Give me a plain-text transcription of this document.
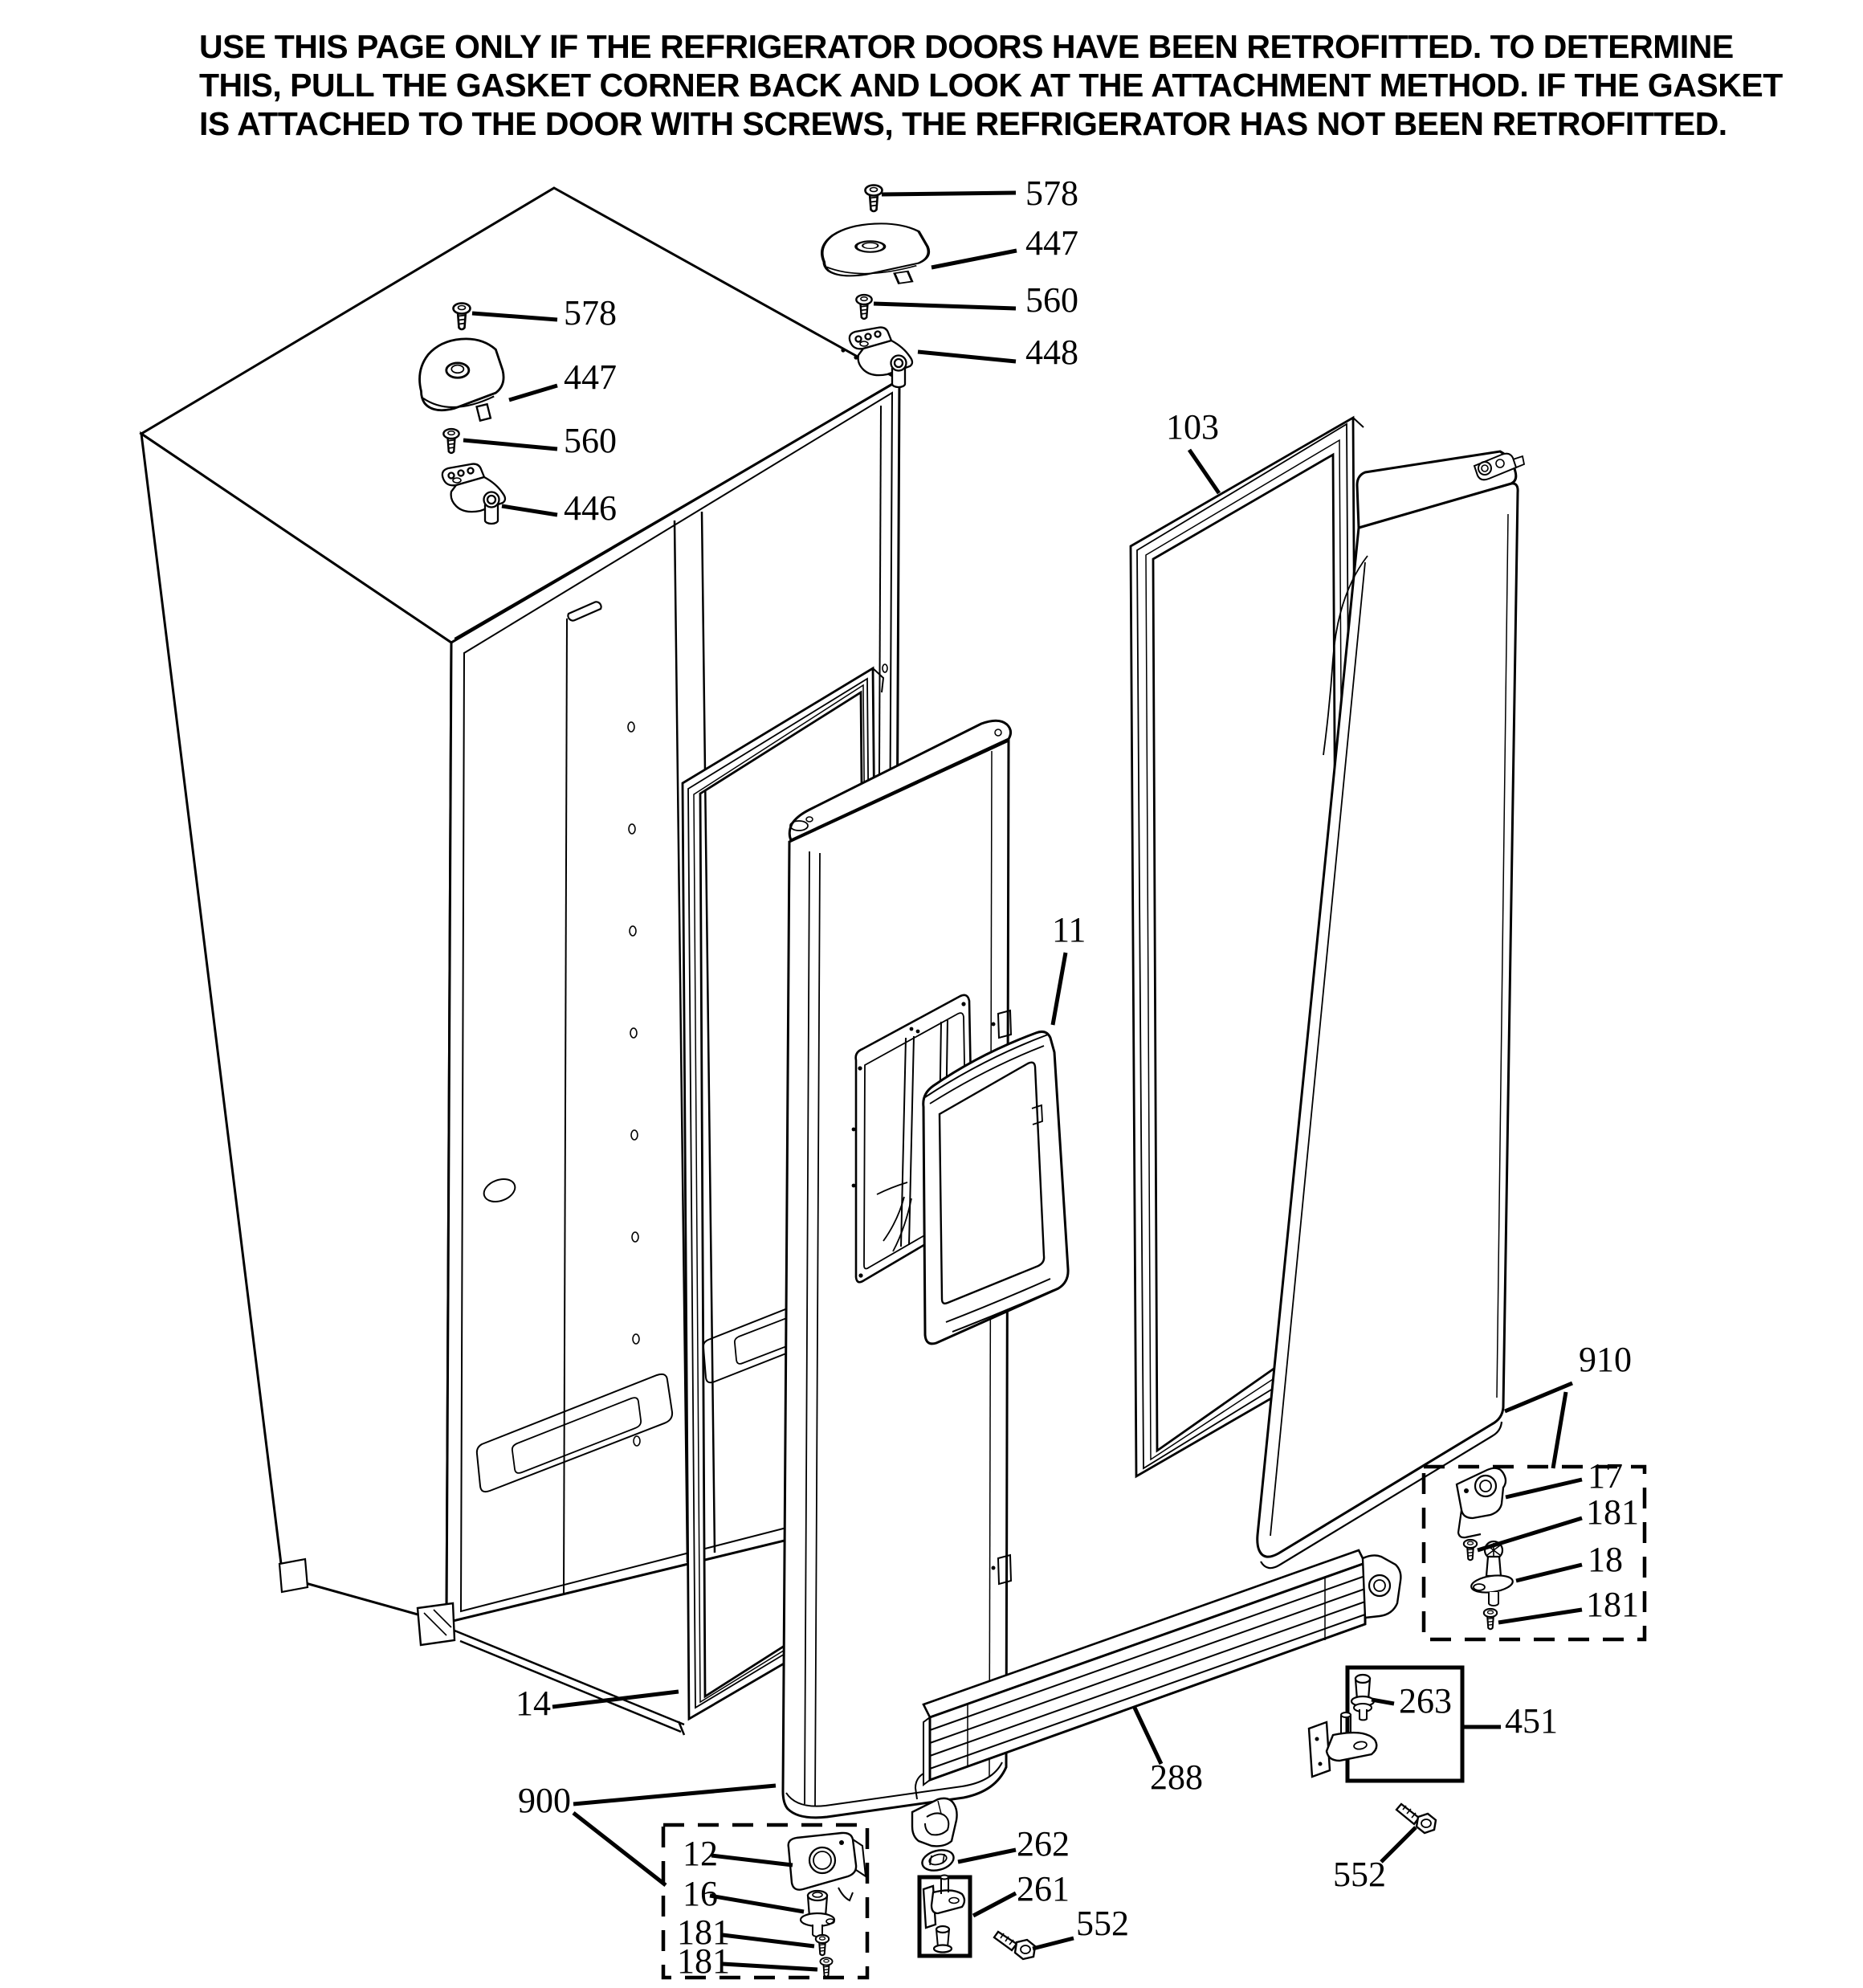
USE THIS PAGE ONLY IF THE REFRIGERATOR DOORS HAVE BEEN RETROFITTED. TO DETERMINE
THIS, PULL THE GASKET CORNER BACK AND LOOK AT THE ATTACHMENT METHOD. IF THE GASKET
IS ATTACHED TO THE DOOR WITH SCREWS, THE REFRIGERATOR HAS NOT BEEN RETROFITTED.
578
447
560
448
578
447
560
446
103
11
910
17
181
18
181
263
451
288
14
900
12
16
181
181
262
261
552
552
